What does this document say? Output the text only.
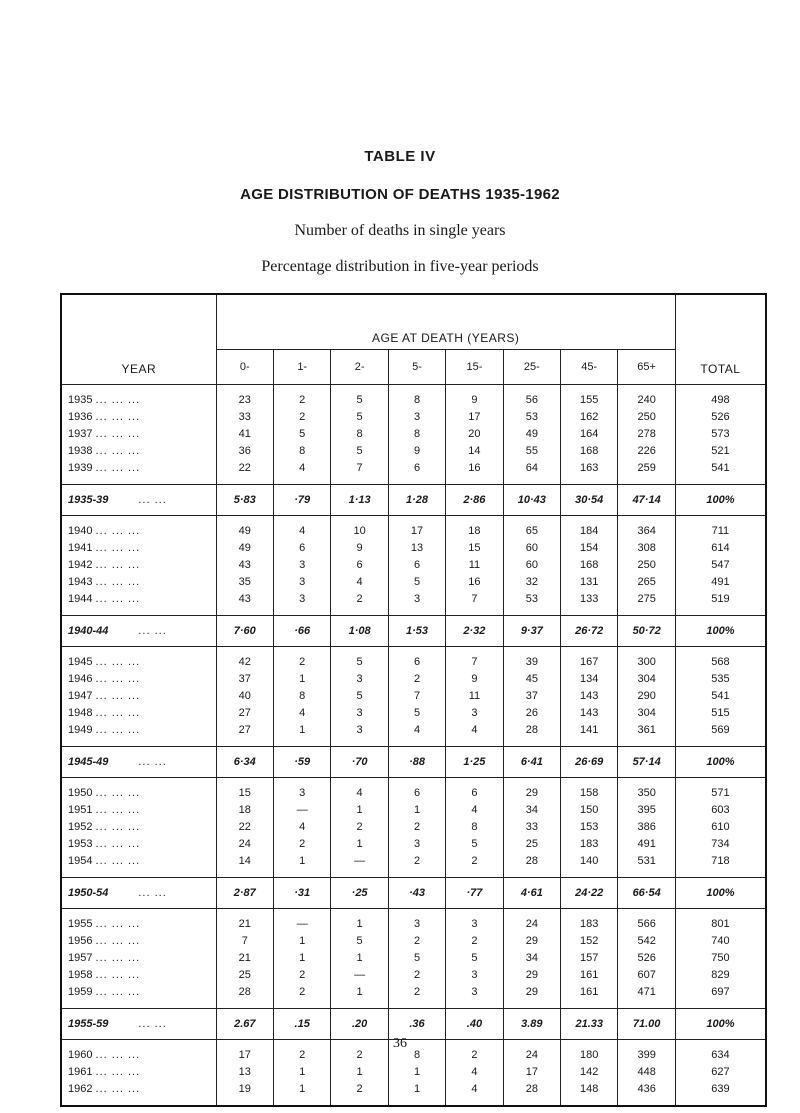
TABLE IV
AGE DISTRIBUTION OF DEATHS 1935-1962
Number of deaths in single years
Percentage distribution in five-year periods
YEAR	AGE AT DEATH (YEARS)								TOTAL
	0-	1-	2-	5-	15-	25-	45-	65+	
1935 ... ... ...	23	2	5	8	9	56	155	240	498
1936 ... ... ...	33	2	5	3	17	53	162	250	526
1937 ... ... ...	41	5	8	8	20	49	164	278	573
1938 ... ... ...	36	8	5	9	14	55	168	226	521
1939 ... ... ...	22	4	7	6	16	64	163	259	541
1935-39 ... ...	5·83	·79	1·13	1·28	2·86	10·43	30·54	47·14	100%
1940 ... ... ...	49	4	10	17	18	65	184	364	711
1941 ... ... ...	49	6	9	13	15	60	154	308	614
1942 ... ... ...	43	3	6	6	11	60	168	250	547
1943 ... ... ...	35	3	4	5	16	32	131	265	491
1944 ... ... ...	43	3	2	3	7	53	133	275	519
1940-44 ... ...	7·60	·66	1·08	1·53	2·32	9·37	26·72	50·72	100%
1945 ... ... ...	42	2	5	6	7	39	167	300	568
1946 ... ... ...	37	1	3	2	9	45	134	304	535
1947 ... ... ...	40	8	5	7	11	37	143	290	541
1948 ... ... ...	27	4	3	5	3	26	143	304	515
1949 ... ... ...	27	1	3	4	4	28	141	361	569
1945-49 ... ...	6·34	·59	·70	·88	1·25	6·41	26·69	57·14	100%
1950 ... ... ...	15	3	4	6	6	29	158	350	571
1951 ... ... ...	18	—	1	1	4	34	150	395	603
1952 ... ... ...	22	4	2	2	8	33	153	386	610
1953 ... ... ...	24	2	1	3	5	25	183	491	734
1954 ... ... ...	14	1	—	2	2	28	140	531	718
1950-54 ... ...	2·87	·31	·25	·43	·77	4·61	24·22	66·54	100%
1955 ... ... ...	21	—	1	3	3	24	183	566	801
1956 ... ... ...	7	1	5	2	2	29	152	542	740
1957 ... ... ...	21	1	1	5	5	34	157	526	750
1958 ... ... ...	25	2	—	2	3	29	161	607	829
1959 ... ... ...	28	2	1	2	3	29	161	471	697
1955-59 ... ...	2.67	.15	.20	.36	.40	3.89	21.33	71.00	100%
1960 ... ... ...	17	2	2	8	2	24	180	399	634
1961 ... ... ...	13	1	1	1	4	17	142	448	627
1962 ... ... ...	19	1	2	1	4	28	148	436	639
36
